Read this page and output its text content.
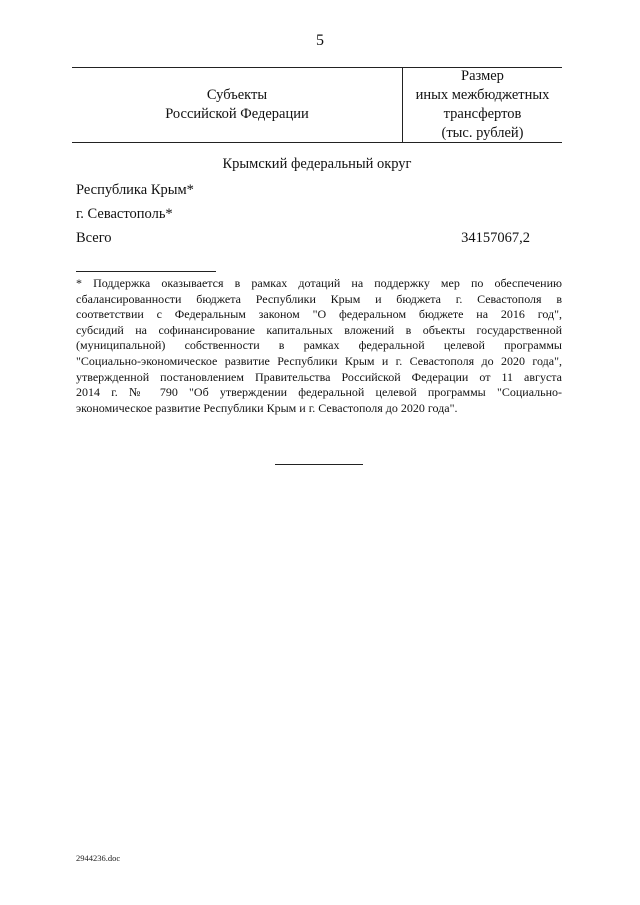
5
Субъекты
Российской Федерации
Размер
иных межбюджетных
трансфертов
(тыс. рублей)
Крымский федеральный округ
Республика Крым*
г. Севастополь*
Всего	34157067,2
* Поддержка оказывается в рамках дотаций на поддержку мер по обеспечению
сбалансированности бюджета Республики Крым и бюджета г. Севастополя в
соответствии с Федеральным законом "О федеральном бюджете на 2016 год",
субсидий на софинансирование капитальных вложений в объекты государственной
(муниципальной) собственности в рамках федеральной целевой программы
"Социально-экономическое развитие Республики Крым и г. Севастополя до 2020 года",
утвержденной постановлением Правительства Российской Федерации от 11 августа
2014 г. № 790 "Об утверждении федеральной целевой программы "Социально-
экономическое развитие Республики Крым и г. Севастополя до 2020 года".
2944236.doc
